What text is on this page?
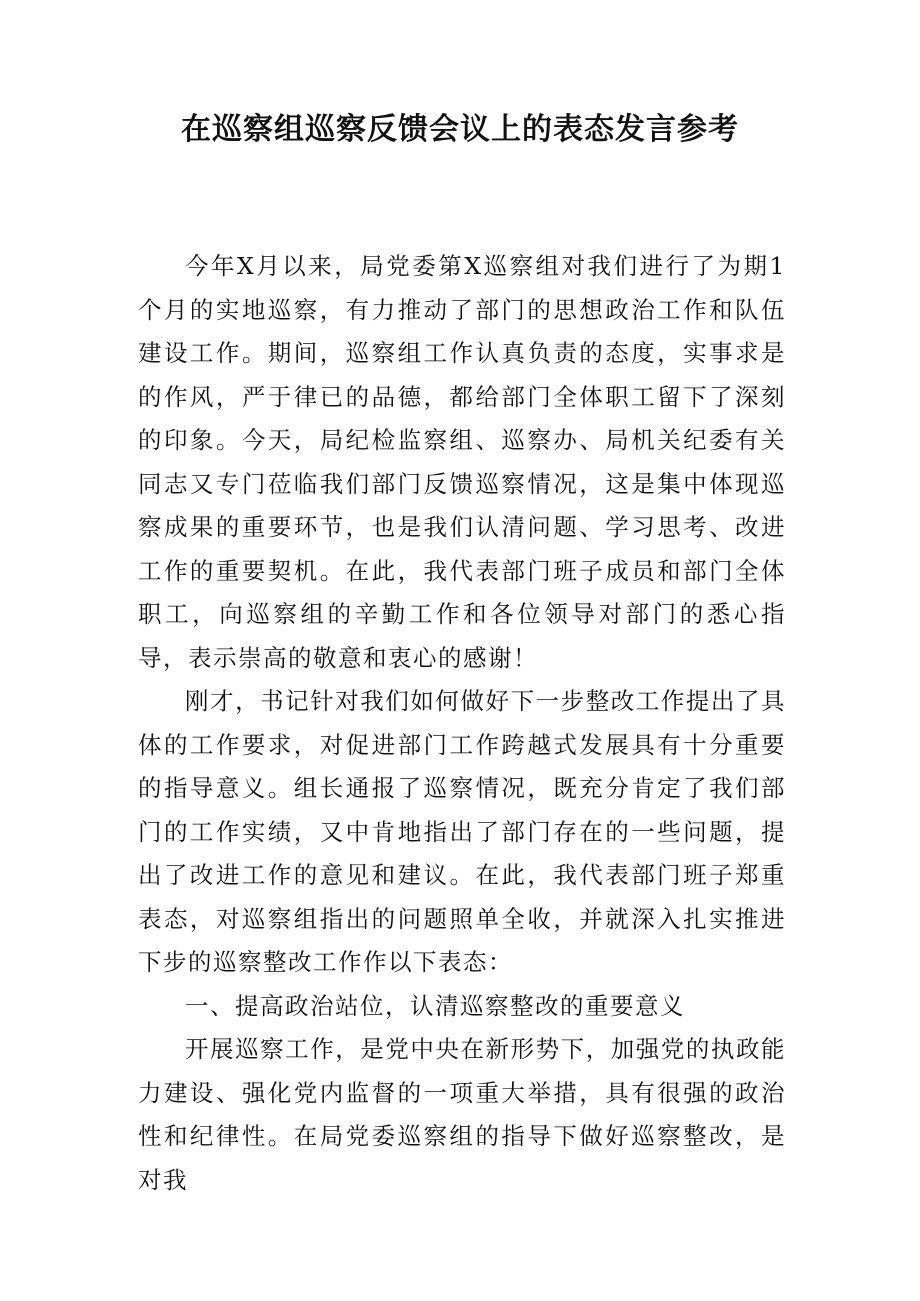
在巡察组巡察反馈会议上的表态发言参考

今年X月以来，局党委第X巡察组对我们进行了为期1个月的实地巡察，有力推动了部门的思想政治工作和队伍建设工作。期间，巡察组工作认真负责的态度，实事求是的作风，严于律已的品德，都给部门全体职工留下了深刻的印象。今天，局纪检监察组、巡察办、局机关纪委有关同志又专门莅临我们部门反馈巡察情况，这是集中体现巡察成果的重要环节，也是我们认清问题、学习思考、改进工作的重要契机。在此，我代表部门班子成员和部门全体职工，向巡察组的辛勤工作和各位领导对部门的悉心指导，表示崇高的敬意和衷心的感谢！

刚才，书记针对我们如何做好下一步整改工作提出了具体的工作要求，对促进部门工作跨越式发展具有十分重要的指导意义。组长通报了巡察情况，既充分肯定了我们部门的工作实绩，又中肯地指出了部门存在的一些问题，提出了改进工作的意见和建议。在此，我代表部门班子郑重表态，对巡察组指出的问题照单全收，并就深入扎实推进下步的巡察整改工作作以下表态：

一、提高政治站位，认清巡察整改的重要意义

开展巡察工作，是党中央在新形势下，加强党的执政能力建设、强化党内监督的一项重大举措，具有很强的政治性和纪律性。在局党委巡察组的指导下做好巡察整改，是对我
